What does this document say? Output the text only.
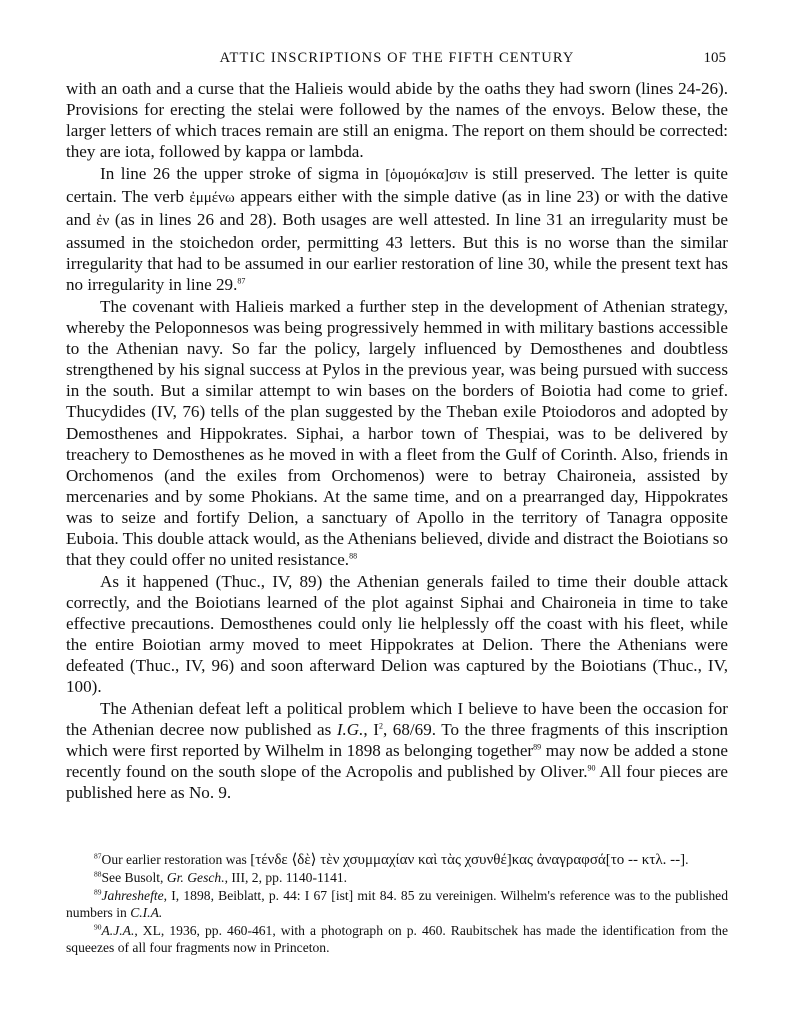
ATTIC INSCRIPTIONS OF THE FIFTH CENTURY	105

with an oath and a curse that the Halieis would abide by the oaths they had sworn (lines 24-26). Provisions for erecting the stelai were followed by the names of the envoys. Below these, the larger letters of which traces remain are still an enigma. The report on them should be corrected: they are iota, followed by kappa or lambda.

In line 26 the upper stroke of sigma in [ὁμομόκα]σιν is still preserved. The letter is quite certain. The verb ἐμμένω appears either with the simple dative (as in line 23) or with the dative and ἐν (as in lines 26 and 28). Both usages are well attested. In line 31 an irregularity must be assumed in the stoichedon order, permitting 43 letters. But this is no worse than the similar irregularity that had to be assumed in our earlier restoration of line 30, while the present text has no irregularity in line 29.87

The covenant with Halieis marked a further step in the development of Athenian strategy, whereby the Peloponnesos was being progressively hemmed in with military bastions accessible to the Athenian navy. So far the policy, largely influenced by Demosthenes and doubtless strengthened by his signal success at Pylos in the previous year, was being pursued with success in the south. But a similar attempt to win bases on the borders of Boiotia had come to grief. Thucydides (IV, 76) tells of the plan suggested by the Theban exile Ptoiodoros and adopted by Demosthenes and Hippokrates. Siphai, a harbor town of Thespiai, was to be delivered by treachery to Demosthenes as he moved in with a fleet from the Gulf of Corinth. Also, friends in Orchomenos (and the exiles from Orchomenos) were to betray Chaironeia, assisted by mercenaries and by some Phokians. At the same time, and on a prearranged day, Hippokrates was to seize and fortify Delion, a sanctuary of Apollo in the territory of Tanagra opposite Euboia. This double attack would, as the Athenians believed, divide and distract the Boiotians so that they could offer no united resistance.$^{88}$

As it happened (Thuc., IV, 89) the Athenian generals failed to time their double attack correctly, and the Boiotians learned of the plot against Siphai and Chaironeia in time to take effective precautions. Demosthenes could only lie helplessly off the coast with his fleet, while the entire Boiotian army moved to meet Hippokrates at Delion. There the Athenians were defeated (Thuc., IV, 96) and soon afterward Delion was captured by the Boiotians (Thuc., IV, 100).

The Athenian defeat left a political problem which I believe to have been the occasion for the Athenian decree now published as I.G., $I^2$, 68/69. To the three fragments of this inscription which were first reported by Wilhelm in 1898 as belonging together$^{89}$ may now be added a stone recently found on the south slope of the Acropolis and published by Oliver.$^{90}$ All four pieces are published here as No. 9.

$^{87}$Our earlier restoration was [τένδε ⟨δὲ⟩ τὲν χσυμμαχίαν καὶ τὰς χσυνθέ]κας ἀναγραφσά[το -- κτλ. --].

$^{88}$See Busolt, Gr. Gesch., III, 2, pp. 1140-1141.

$^{89}$Jahreshefte, I, 1898, Beiblatt, p. 44: I 67 [ist] mit 84. 85 zu vereinigen. Wilhelm's reference was to the published numbers in C.I.A.

$^{90}$A.J.A., XL, 1936, pp. 460-461, with a photograph on p. 460. Raubitschek has made the identification from the squeezes of all four fragments now in Princeton.
